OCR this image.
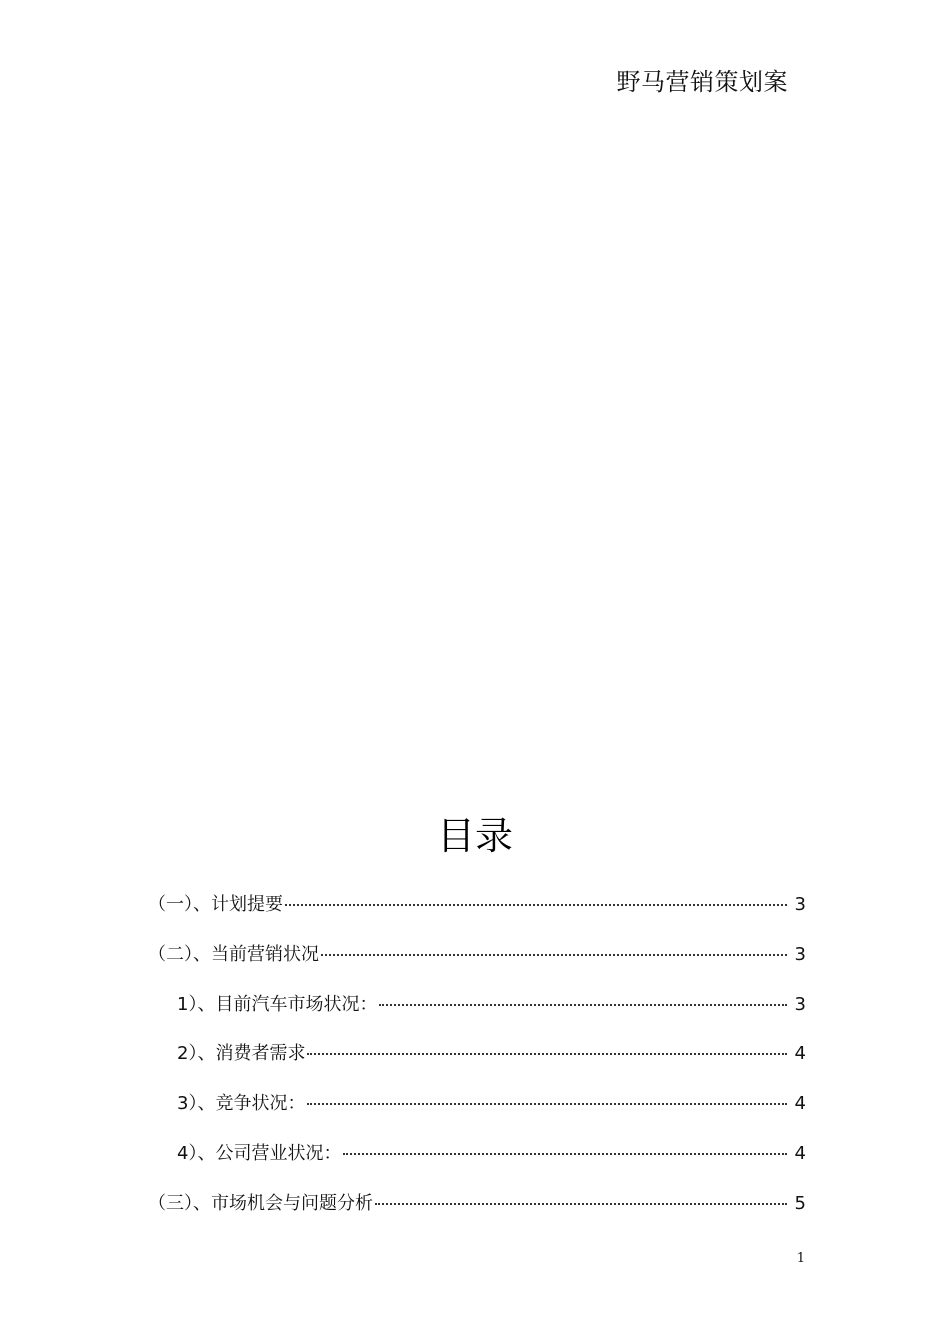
野马营销策划案
目录
（一）、计划提要	3
（二）、当前营销状况	3
1）、目前汽车市场状况：	3
2）、消费者需求	4
3）、竞争状况：	4
4）、公司营业状况：	4
（三）、市场机会与问题分析	5
1
